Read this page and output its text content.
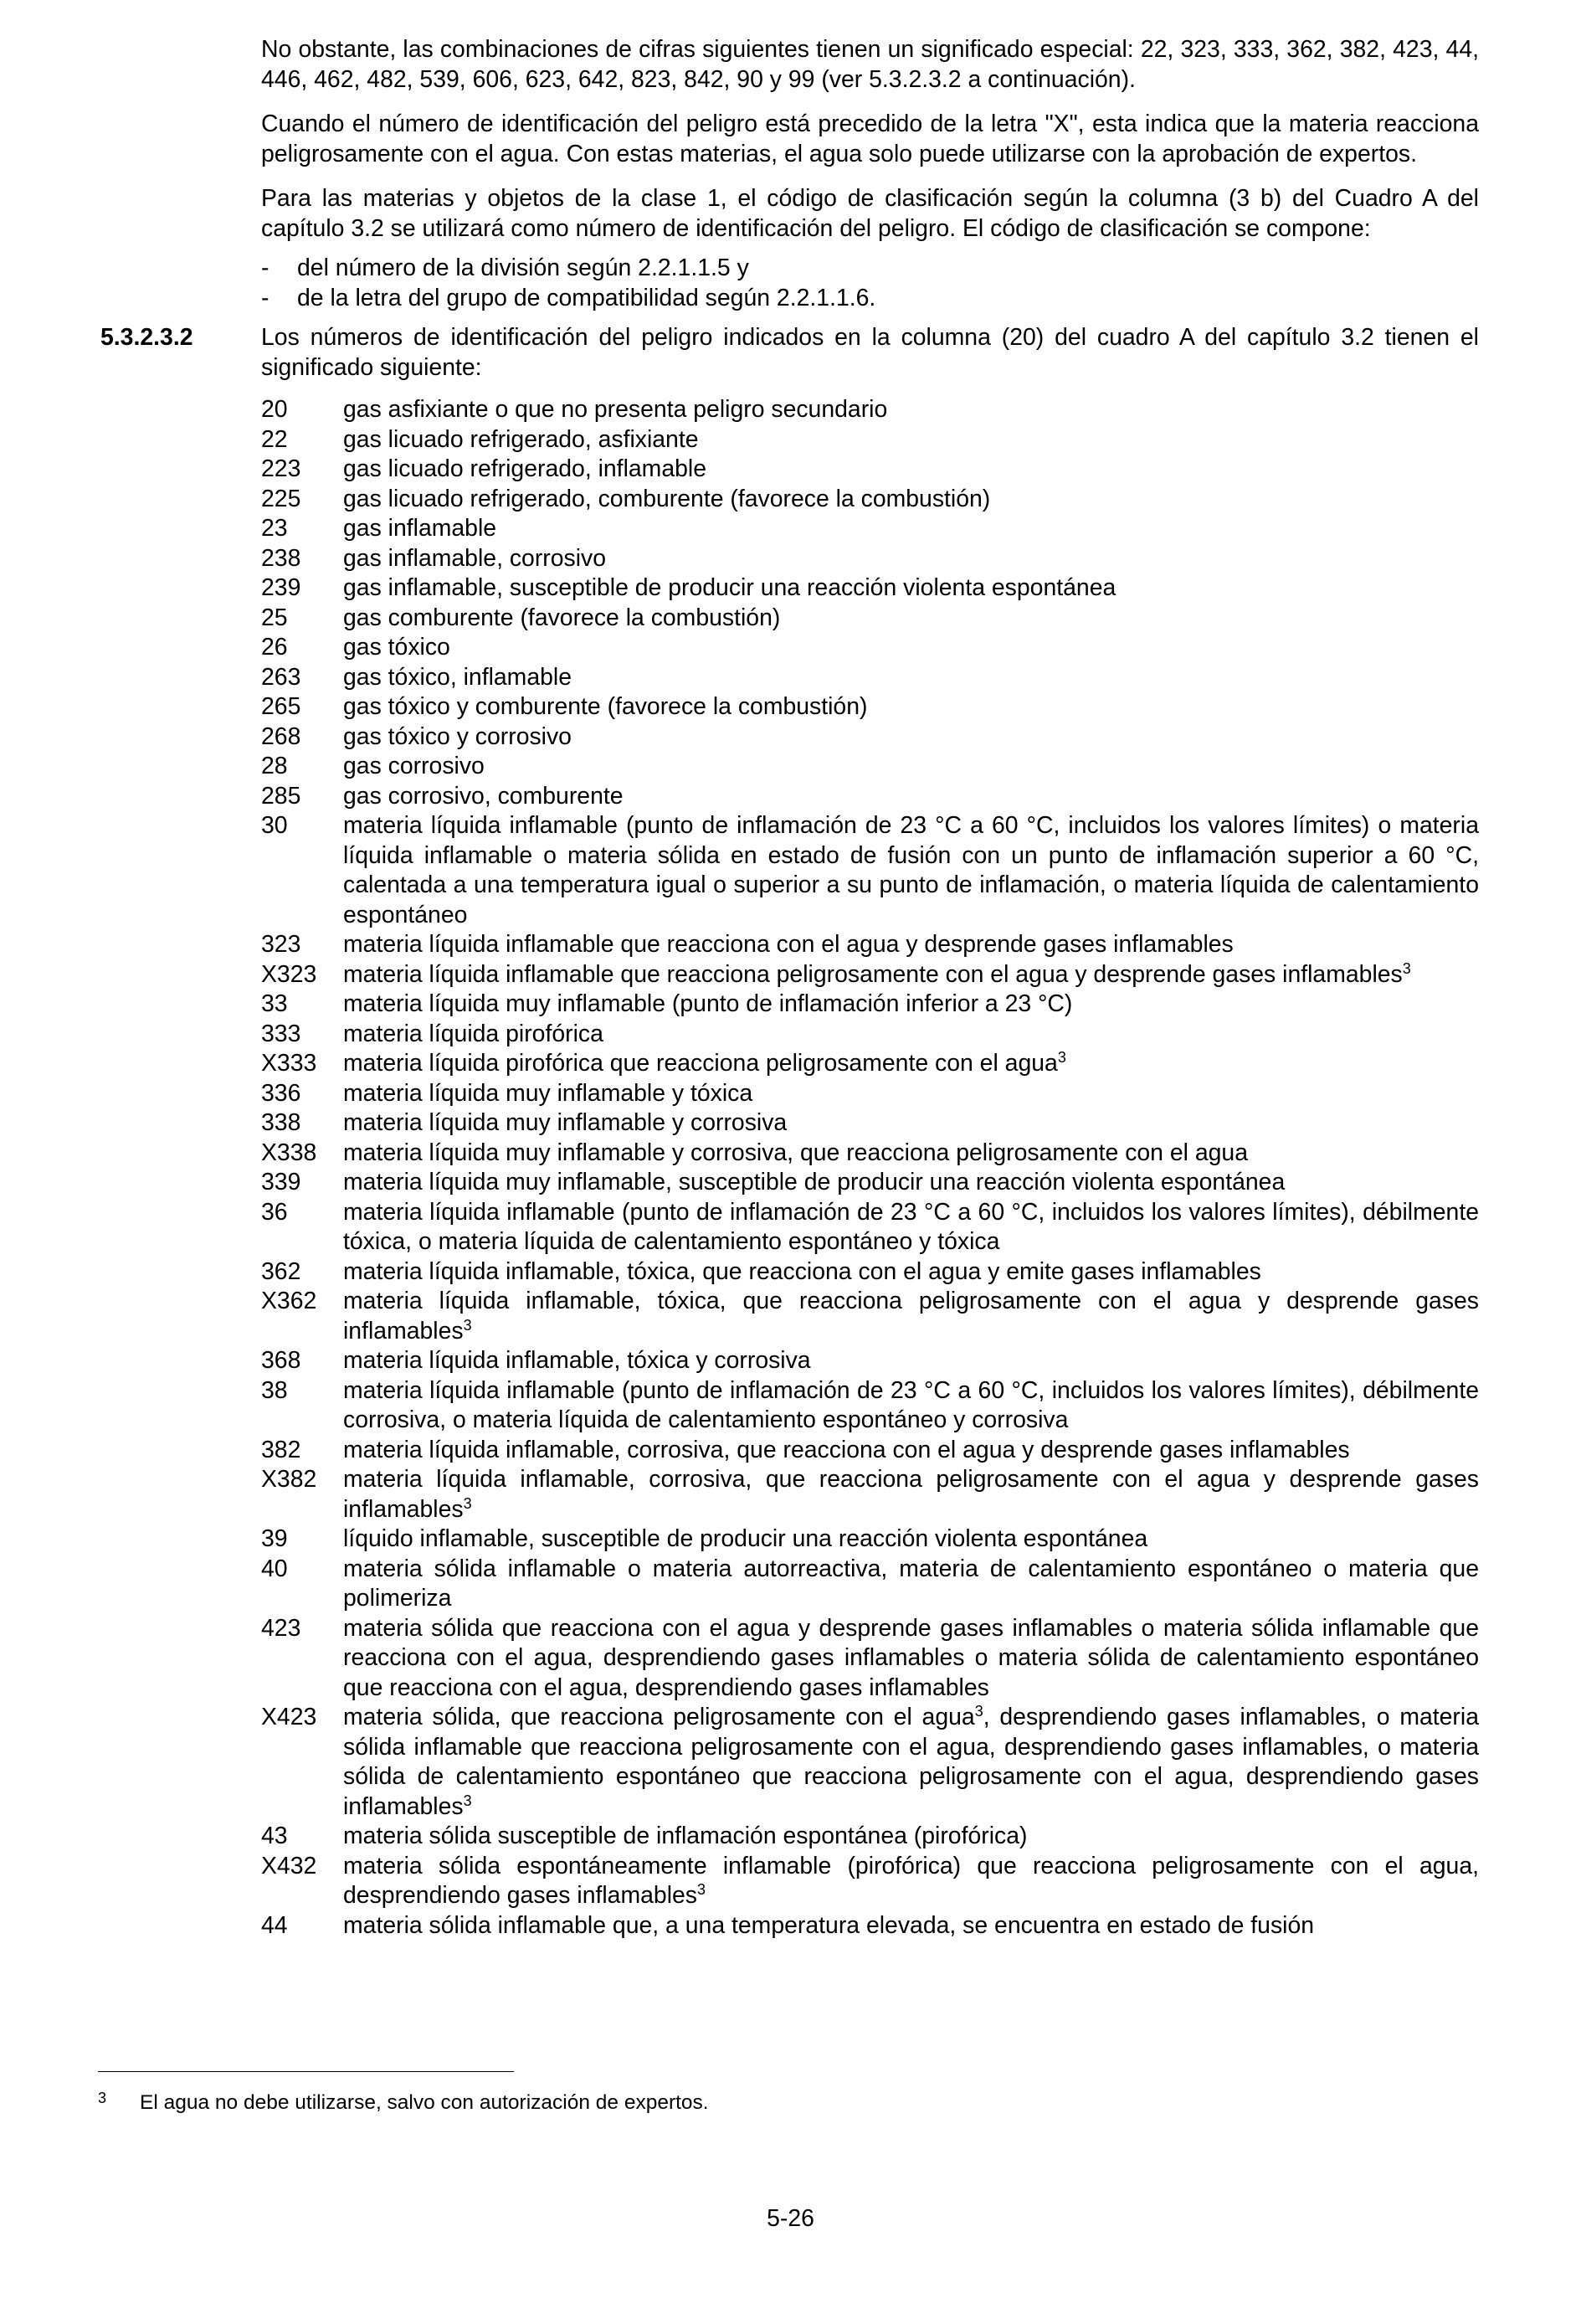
No obstante, las combinaciones de cifras siguientes tienen un significado especial: 22, 323, 333, 362, 382, 423, 44, 446, 462, 482, 539, 606, 623, 642, 823, 842, 90 y 99 (ver 5.3.2.3.2 a continuación).

Cuando el número de identificación del peligro está precedido de la letra "X", esta indica que la materia reacciona peligrosamente con el agua. Con estas materias, el agua solo puede utilizarse con la aprobación de expertos.

Para las materias y objetos de la clase 1, el código de clasificación según la columna (3 b) del Cuadro A del capítulo 3.2 se utilizará como número de identificación del peligro. El código de clasificación se compone:

-	del número de la división según 2.2.1.1.5 y
-	de la letra del grupo de compatibilidad según 2.2.1.1.6.
5.3.2.3.2	Los números de identificación del peligro indicados en la columna (20) del cuadro A del capítulo 3.2 tienen el significado siguiente:
20	gas asfixiante o que no presenta peligro secundario
22	gas licuado refrigerado, asfixiante
223	gas licuado refrigerado, inflamable
225	gas licuado refrigerado, comburente (favorece la combustión)
23	gas inflamable
238	gas inflamable, corrosivo
239	gas inflamable, susceptible de producir una reacción violenta espontánea
25	gas comburente (favorece la combustión)
26	gas tóxico
263	gas tóxico, inflamable
265	gas tóxico y comburente (favorece la combustión)
268	gas tóxico y corrosivo
28	gas corrosivo
285	gas corrosivo, comburente
30	materia líquida inflamable (punto de inflamación de 23 °C a 60 °C, incluidos los valores límites) o materia líquida inflamable o materia sólida en estado de fusión con un punto de inflamación superior a 60 °C, calentada a una temperatura igual o superior a su punto de inflamación, o materia líquida de calentamiento espontáneo
323	materia líquida inflamable que reacciona con el agua y desprende gases inflamables
X323	materia líquida inflamable que reacciona peligrosamente con el agua y desprende gases inflamables$^3$
33	materia líquida muy inflamable (punto de inflamación inferior a 23 °C)
333	materia líquida pirofórica
X333	materia líquida pirofórica que reacciona peligrosamente con el agua$^3$
336	materia líquida muy inflamable y tóxica
338	materia líquida muy inflamable y corrosiva
X338	materia líquida muy inflamable y corrosiva, que reacciona peligrosamente con el agua
339	materia líquida muy inflamable, susceptible de producir una reacción violenta espontánea
36	materia líquida inflamable (punto de inflamación de 23 °C a 60 °C, incluidos los valores límites), débilmente tóxica, o materia líquida de calentamiento espontáneo y tóxica
362	materia líquida inflamable, tóxica, que reacciona con el agua y emite gases inflamables
X362	materia líquida inflamable, tóxica, que reacciona peligrosamente con el agua y desprende gases inflamables$^3$
368	materia líquida inflamable, tóxica y corrosiva
38	materia líquida inflamable (punto de inflamación de 23 °C a 60 °C, incluidos los valores límites), débilmente corrosiva, o materia líquida de calentamiento espontáneo y corrosiva
382	materia líquida inflamable, corrosiva, que reacciona con el agua y desprende gases inflamables
X382	materia líquida inflamable, corrosiva, que reacciona peligrosamente con el agua y desprende gases inflamables$^3$
39	líquido inflamable, susceptible de producir una reacción violenta espontánea
40	materia sólida inflamable o materia autorreactiva, materia de calentamiento espontáneo o materia que polimeriza
423	materia sólida que reacciona con el agua y desprende gases inflamables o materia sólida inflamable que reacciona con el agua, desprendiendo gases inflamables o materia sólida de calentamiento espontáneo que reacciona con el agua, desprendiendo gases inflamables
X423	materia sólida, que reacciona peligrosamente con el agua$^3$, desprendiendo gases inflamables, o materia sólida inflamable que reacciona peligrosamente con el agua, desprendiendo gases inflamables, o materia sólida de calentamiento espontáneo que reacciona peligrosamente con el agua, desprendiendo gases inflamables$^3$
43	materia sólida susceptible de inflamación espontánea (pirofórica)
X432	materia sólida espontáneamente inflamable (pirofórica) que reacciona peligrosamente con el agua, desprendiendo gases inflamables$^3$
44	materia sólida inflamable que, a una temperatura elevada, se encuentra en estado de fusión
3	El agua no debe utilizarse, salvo con autorización de expertos.
5-26
